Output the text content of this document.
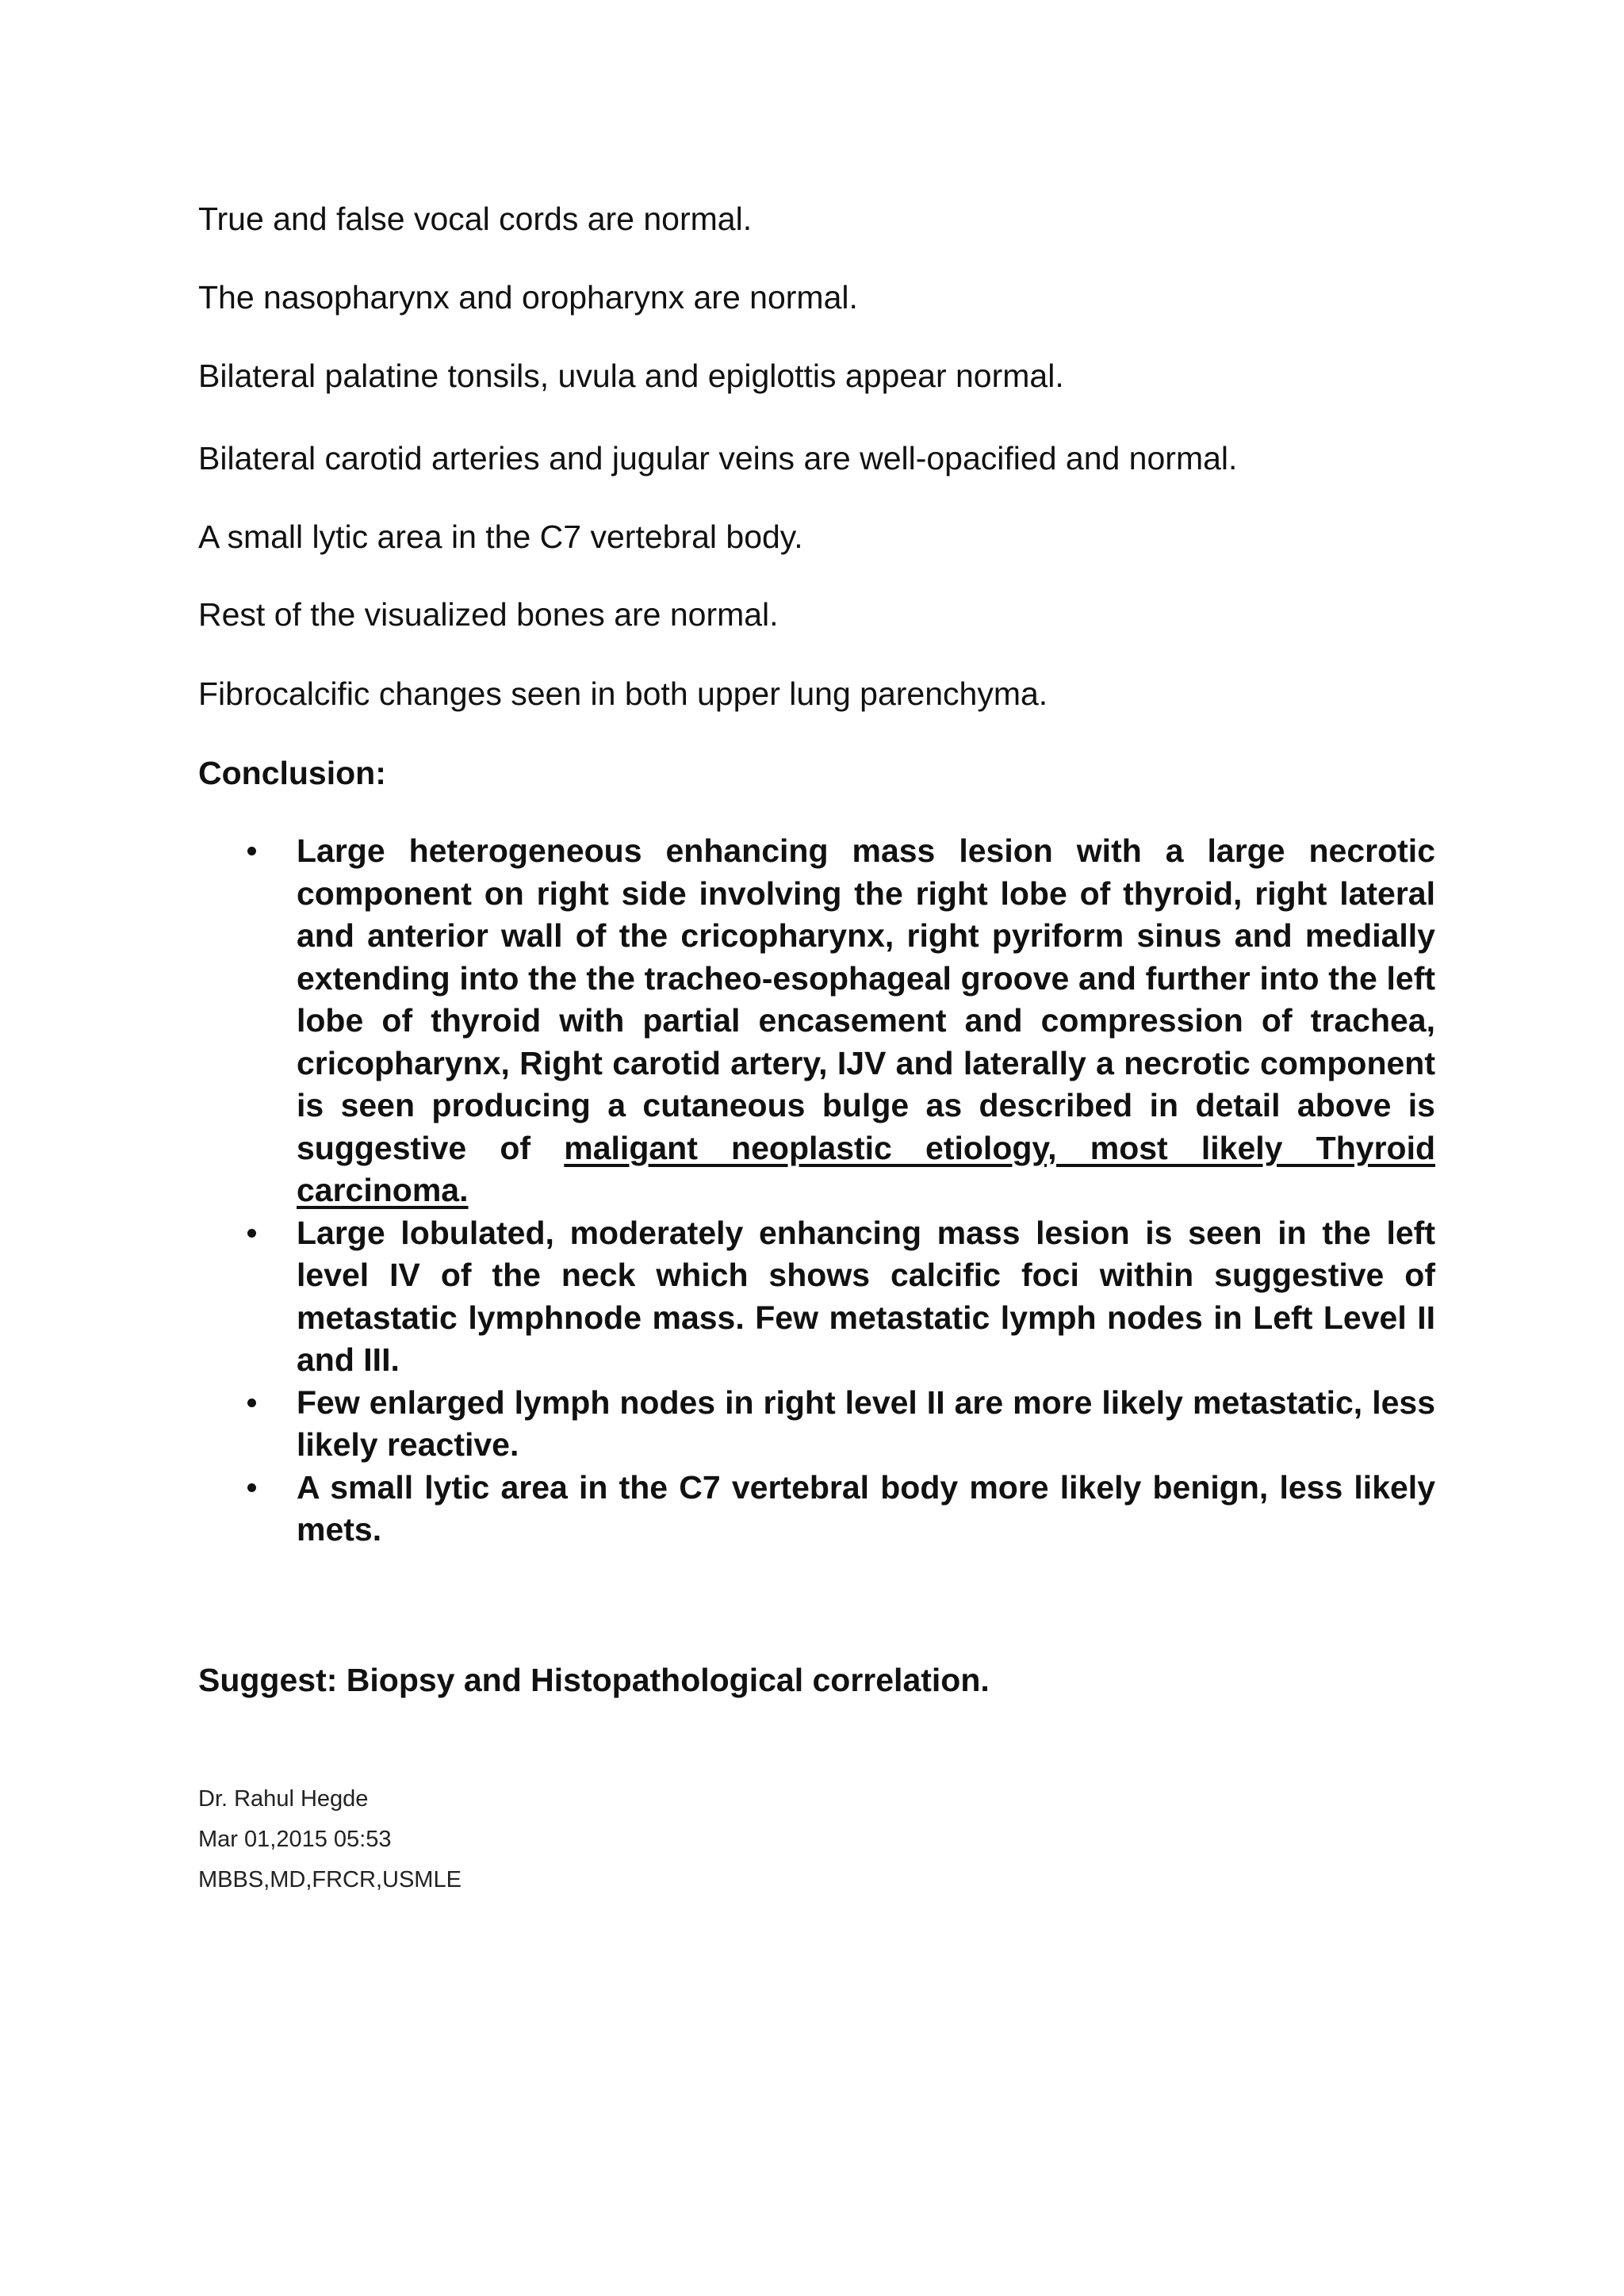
True and false vocal cords are normal.

The nasopharynx and oropharynx are normal.

Bilateral palatine tonsils, uvula and epiglottis appear normal.

Bilateral carotid arteries and jugular veins are well-opacified and normal.

A small lytic area in the C7 vertebral body.

Rest of the visualized bones are normal.

Fibrocalcific changes seen in both upper lung parenchyma.

Conclusion:

Large heterogeneous enhancing mass lesion with a large necrotic component on right side involving the right lobe of thyroid, right lateral and anterior wall of the cricopharynx, right pyriform sinus and medially extending into the the tracheo-esophageal groove and further into the left lobe of thyroid with partial encasement and compression of trachea, cricopharynx, Right carotid artery, IJV and laterally a necrotic component is seen producing a cutaneous bulge as described in detail above is suggestive of maligant neoplastic etiology, most likely Thyroid carcinoma.
Large lobulated, moderately enhancing mass lesion is seen in the left level IV of the neck which shows calcific foci within suggestive of metastatic lymphnode mass. Few metastatic lymph nodes in Left Level II and III.
Few enlarged lymph nodes in right level II are more likely metastatic, less likely reactive.
A small lytic area in the C7 vertebral body more likely benign, less likely mets.

Suggest: Biopsy and Histopathological correlation.

Dr. Rahul Hegde
Mar 01,2015 05:53
MBBS,MD,FRCR,USMLE
